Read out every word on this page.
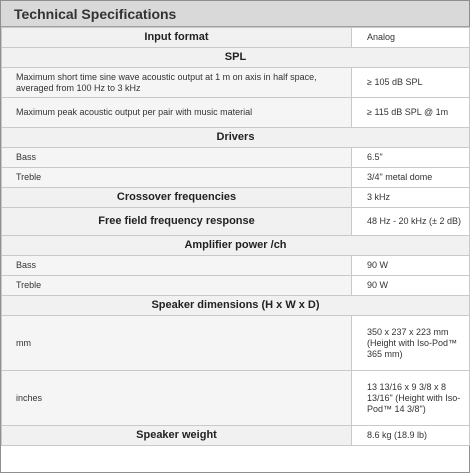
Technical Specifications
Input format	Analog
SPL	
Maximum short time sine wave acoustic output at 1 m on axis in half space, averaged from 100 Hz to 3 kHz	≥ 105 dB SPL
Maximum peak acoustic output per pair with music material	≥ 115 dB SPL @ 1m
Drivers	
Bass	6.5"
Treble	3/4" metal dome
Crossover frequencies	3 kHz
Free field frequency response	48 Hz - 20 kHz (± 2 dB)
Amplifier power /ch	
Bass	90 W
Treble	90 W
Speaker dimensions (H x W x D)	
mm	350 x 237 x 223 mm (Height with Iso-Pod™ 365 mm)
inches	13 13/16 x 9 3/8 x 8 13/16" (Height with Iso-Pod™ 14 3/8")
Speaker weight	8.6 kg (18.9 lb)
